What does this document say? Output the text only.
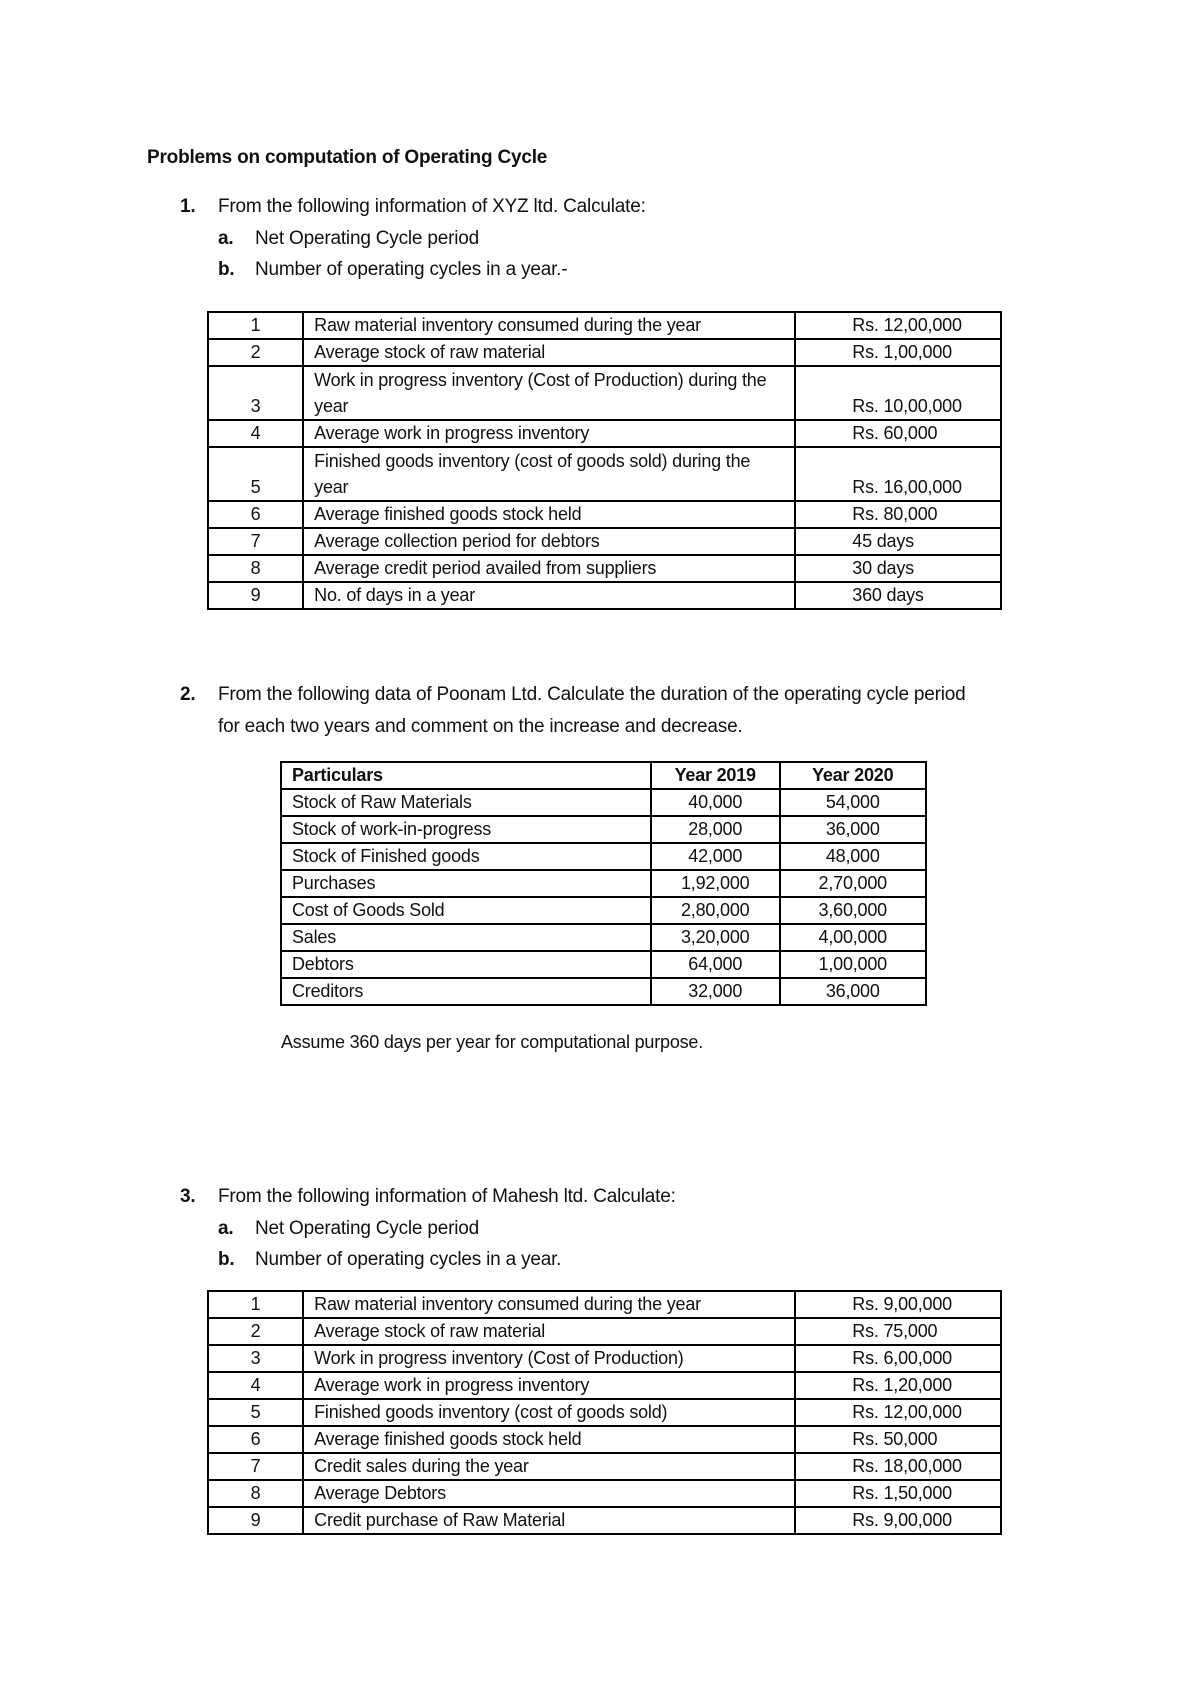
Problems on computation of Operating Cycle
1. From the following information of XYZ ltd. Calculate:
a. Net Operating Cycle period
b. Number of operating cycles in a year.-
1	Raw material inventory consumed during the year	Rs. 12,00,000
2	Average stock of raw material	Rs. 1,00,000
3	Work in progress inventory (Cost of Production) during the year	Rs. 10,00,000
4	Average work in progress inventory	Rs. 60,000
5	Finished goods inventory (cost of goods sold) during the year	Rs. 16,00,000
6	Average finished goods stock held	Rs. 80,000
7	Average collection period for debtors	45 days
8	Average credit period availed from suppliers	30 days
9	No. of days in a year	360 days
2. From the following data of Poonam Ltd. Calculate the duration of the operating cycle period
for each two years and comment on the increase and decrease.
Particulars	Year 2019	Year 2020
Stock of Raw Materials	40,000	54,000
Stock of work-in-progress	28,000	36,000
Stock of Finished goods	42,000	48,000
Purchases	1,92,000	2,70,000
Cost of Goods Sold	2,80,000	3,60,000
Sales	3,20,000	4,00,000
Debtors	64,000	1,00,000
Creditors	32,000	36,000
Assume 360 days per year for computational purpose.
3. From the following information of Mahesh ltd. Calculate:
a. Net Operating Cycle period
b. Number of operating cycles in a year.
1	Raw material inventory consumed during the year	Rs. 9,00,000
2	Average stock of raw material	Rs. 75,000
3	Work in progress inventory (Cost of Production)	Rs. 6,00,000
4	Average work in progress inventory	Rs. 1,20,000
5	Finished goods inventory (cost of goods sold)	Rs. 12,00,000
6	Average finished goods stock held	Rs. 50,000
7	Credit sales during the year	Rs. 18,00,000
8	Average Debtors	Rs. 1,50,000
9	Credit purchase of Raw Material	Rs. 9,00,000
